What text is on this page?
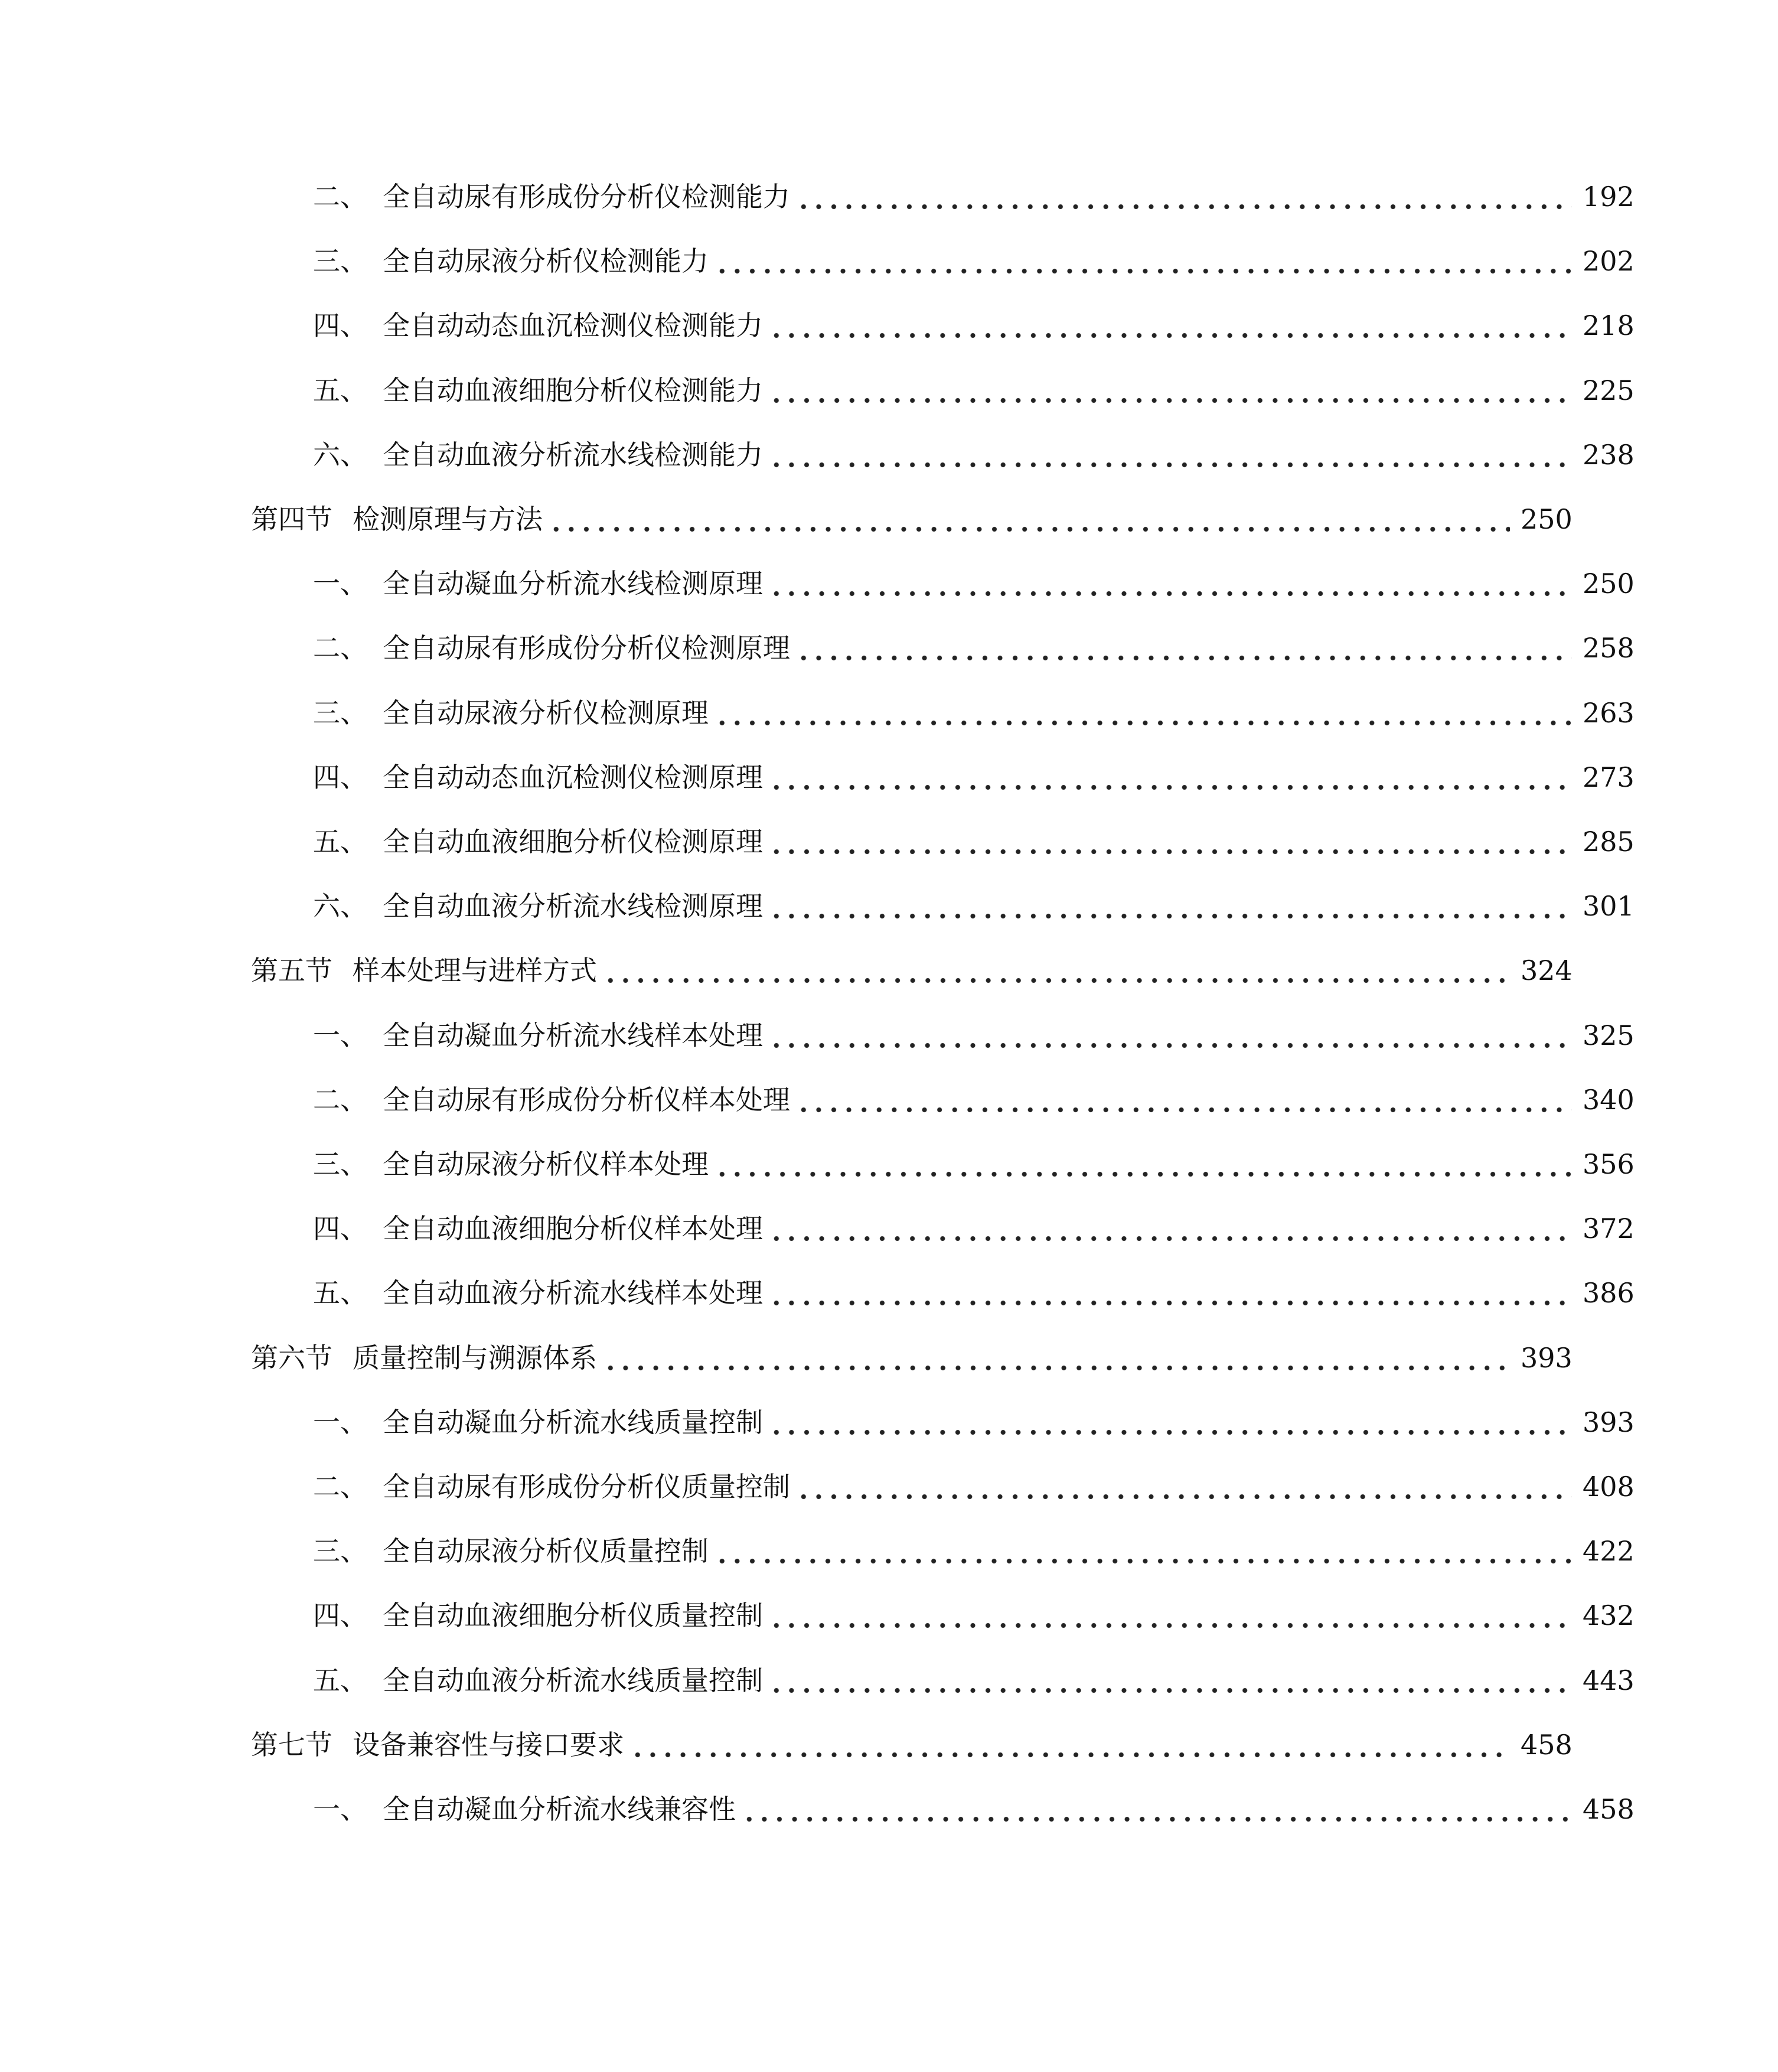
二、 全自动尿有形成份分析仪检测能力	192
三、 全自动尿液分析仪检测能力	202
四、 全自动动态血沉检测仪检测能力	218
五、 全自动血液细胞分析仪检测能力	225
六、 全自动血液分析流水线检测能力	238
第四节 检测原理与方法	250
一、 全自动凝血分析流水线检测原理	250
二、 全自动尿有形成份分析仪检测原理	258
三、 全自动尿液分析仪检测原理	263
四、 全自动动态血沉检测仪检测原理	273
五、 全自动血液细胞分析仪检测原理	285
六、 全自动血液分析流水线检测原理	301
第五节 样本处理与进样方式	324
一、 全自动凝血分析流水线样本处理	325
二、 全自动尿有形成份分析仪样本处理	340
三、 全自动尿液分析仪样本处理	356
四、 全自动血液细胞分析仪样本处理	372
五、 全自动血液分析流水线样本处理	386
第六节 质量控制与溯源体系	393
一、 全自动凝血分析流水线质量控制	393
二、 全自动尿有形成份分析仪质量控制	408
三、 全自动尿液分析仪质量控制	422
四、 全自动血液细胞分析仪质量控制	432
五、 全自动血液分析流水线质量控制	443
第七节 设备兼容性与接口要求	458
一、 全自动凝血分析流水线兼容性	458
